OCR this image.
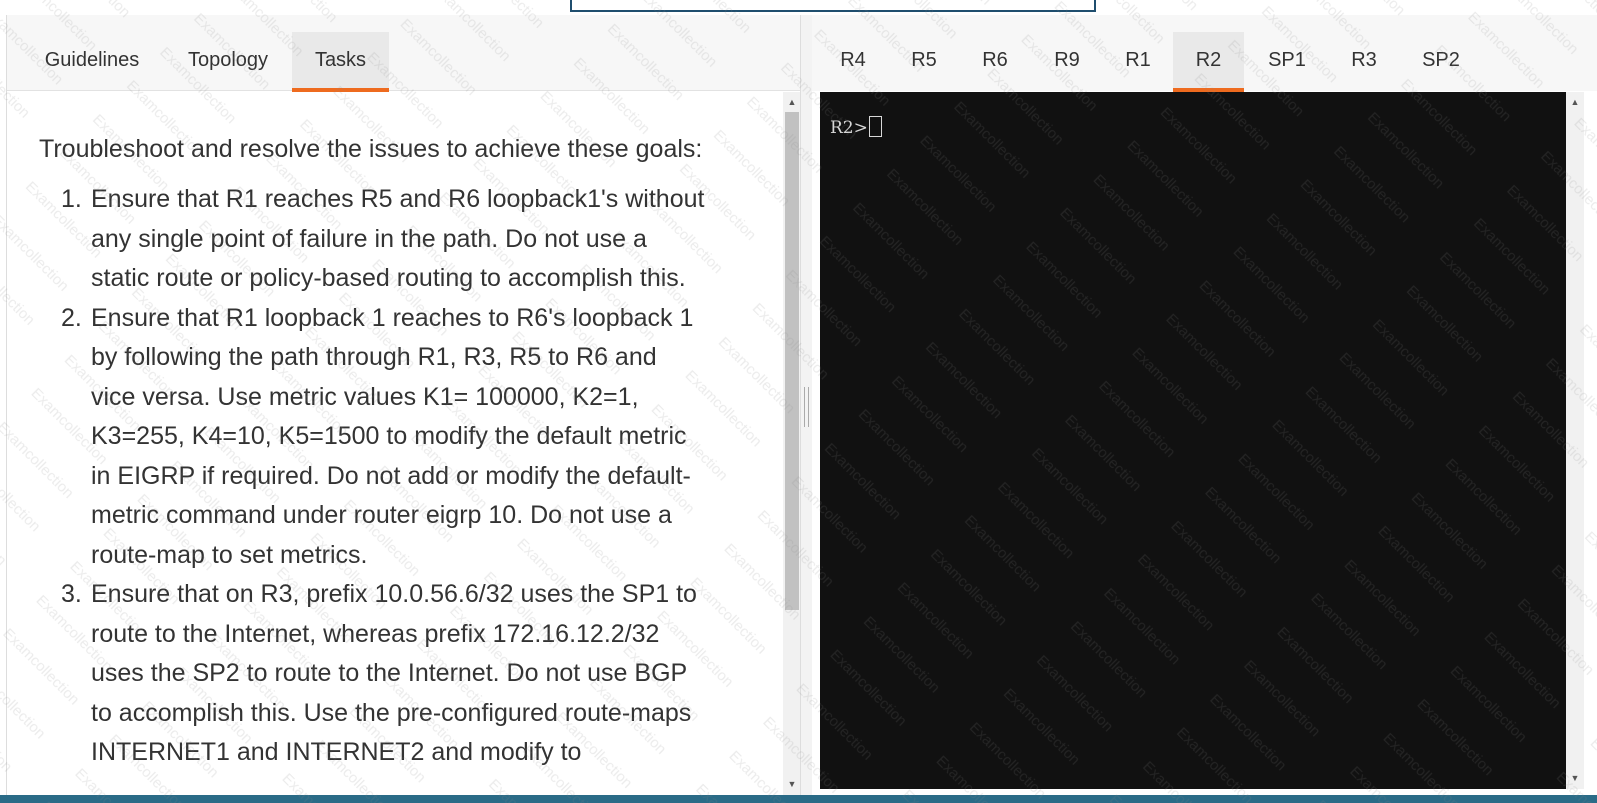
Guidelines	Topology	Tasks

Troubleshoot and resolve the issues to achieve these goals:

1. Ensure that R1 reaches R5 and R6 loopback1's without
any single point of failure in the path. Do not use a
static route or policy-based routing to accomplish this.
2. Ensure that R1 loopback 1 reaches to R6's loopback 1
by following the path through R1, R3, R5 to R6 and
vice versa. Use metric values K1= 100000, K2=1,
K3=255, K4=10, K5=1500 to modify the default metric
in EIGRP if required. Do not add or modify the default-
metric command under router eigrp 10. Do not use a
route-map to set metrics.
3. Ensure that on R3, prefix 10.0.56.6/32 uses the SP1 to
route to the Internet, whereas prefix 172.16.12.2/32
uses the SP2 to route to the Internet. Do not use BGP
to accomplish this. Use the pre-configured route-maps
INTERNET1 and INTERNET2 and modify to
▲
▼
R4	R5	R6	R9	R1	R2	SP1	R3	SP2
R2>
▲
▼
